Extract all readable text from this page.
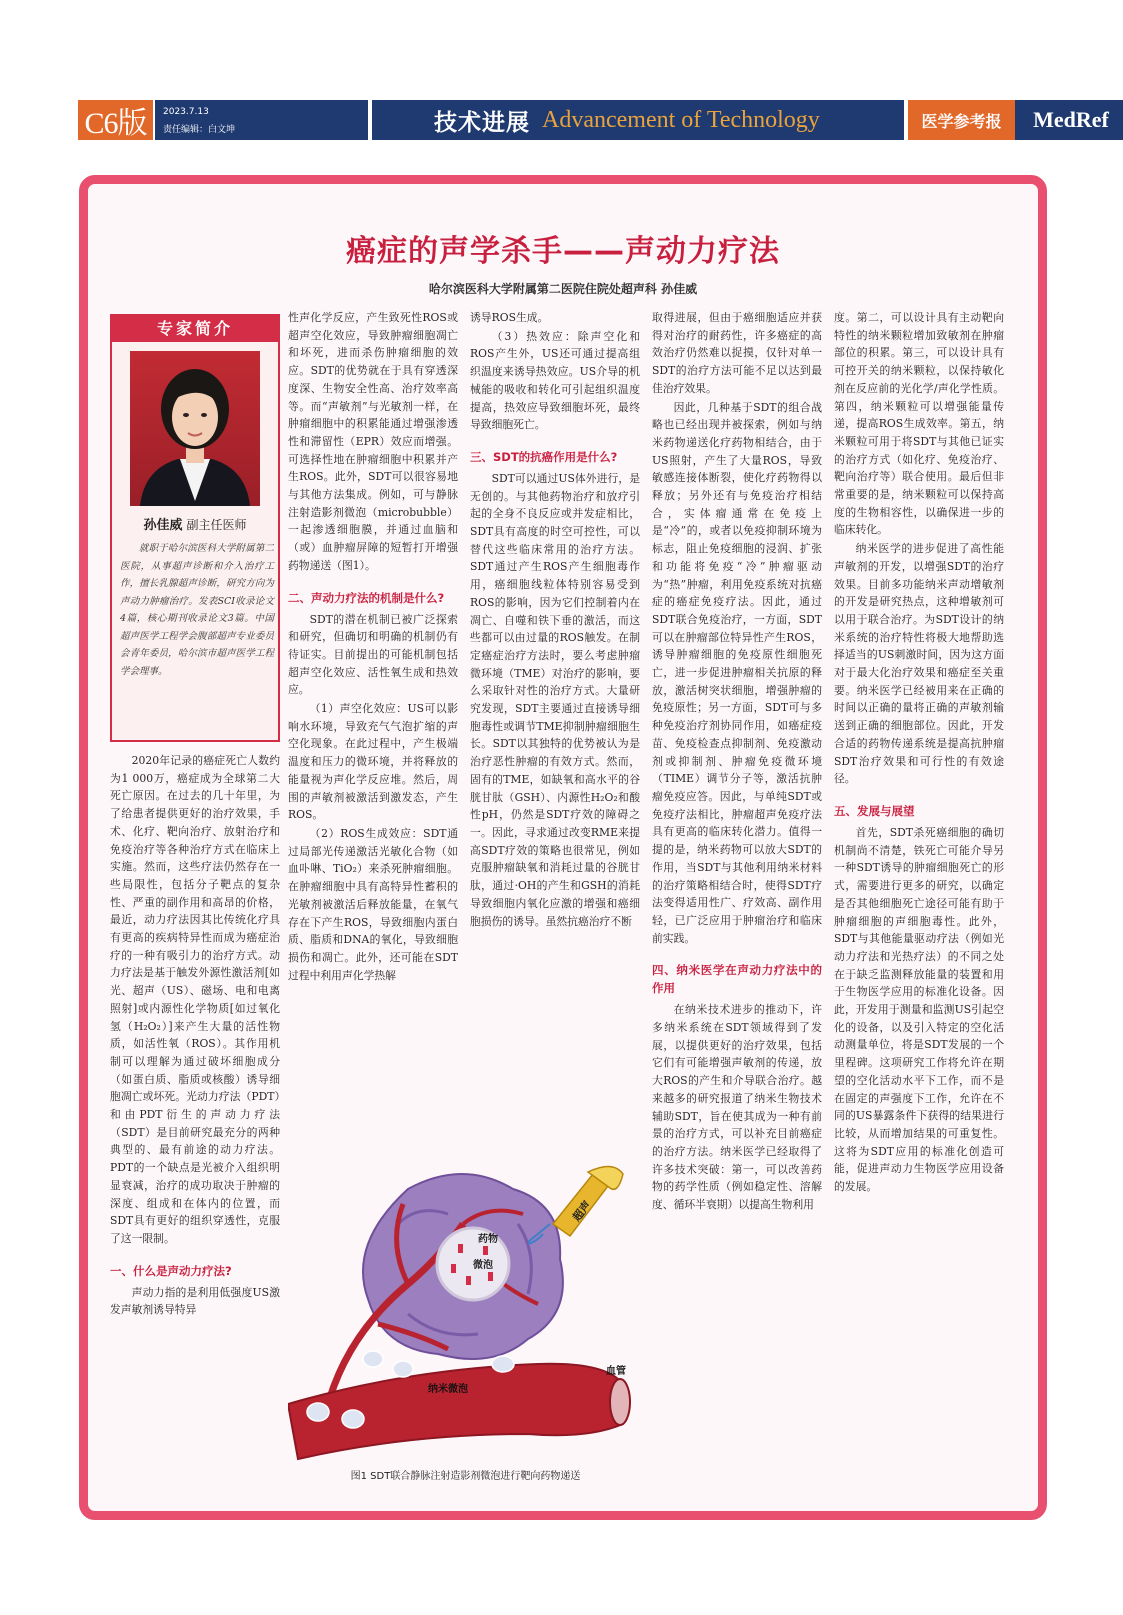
C6版	2023.7.13
责任编辑：白文坤	技术进展 Advancement of Technology	医学参考报	MedRef
癌症的声学杀手——声动力疗法
哈尔滨医科大学附属第二医院住院处超声科 孙佳威
专家简介
孙佳威 副主任医师
就职于哈尔滨医科大学附属第二医院，从事超声诊断和介入治疗工作，擅长乳腺超声诊断，研究方向为声动力肿瘤治疗。发表SCI收录论文4篇，核心期刊收录论文3篇。中国超声医学工程学会腹部超声专业委员会青年委员，哈尔滨市超声医学工程学会理事。

2020年记录的癌症死亡人数约为1 000万，癌症成为全球第二大死亡原因。在过去的几十年里，为了给患者提供更好的治疗效果，手术、化疗、靶向治疗、放射治疗和免疫治疗等各种治疗方式在临床上实施。然而，这些疗法仍然存在一些局限性，包括分子靶点的复杂性、严重的副作用和高昂的价格，最近，动力疗法因其比传统化疗具有更高的疾病特异性而成为癌症治疗的一种有吸引力的治疗方式。动力疗法是基于触发外源性激活剂[如光、超声（US）、磁场、电和电离照射]或内源性化学物质[如过氧化氢（H₂O₂）]来产生大量的活性物质，如活性氧（ROS）。其作用机制可以理解为通过破坏细胞成分（如蛋白质、脂质或核酸）诱导细胞凋亡或坏死。光动力疗法（PDT）和由PDT衍生的声动力疗法（SDT）是目前研究最充分的两种典型的、最有前途的动力疗法。PDT的一个缺点是光被介入组织明显衰减，治疗的成功取决于肿瘤的深度、组成和在体内的位置，而SDT具有更好的组织穿透性，克服了这一限制。

一、什么是声动力疗法?

声动力指的是利用低强度US激发声敏剂诱导特异

性声化学反应，产生致死性ROS或超声空化效应，导致肿瘤细胞凋亡和坏死，进而杀伤肿瘤细胞的效应。SDT的优势就在于具有穿透深度深、生物安全性高、治疗效率高等。而“声敏剂”与光敏剂一样，在肿瘤细胞中的积累能通过增强渗透性和滞留性（EPR）效应而增强。可选择性地在肿瘤细胞中积累并产生ROS。此外，SDT可以很容易地与其他方法集成。例如，可与静脉注射造影剂微泡（microbubble）一起渗透细胞膜，并通过血脑和（或）血肿瘤屏障的短暂打开增强药物递送（图1）。

二、声动力疗法的机制是什么?

SDT的潜在机制已被广泛探索和研究，但确切和明确的机制仍有待证实。目前提出的可能机制包括超声空化效应、活性氧生成和热效应。

（1）声空化效应：US可以影响水环境，导致充气气泡扩缩的声空化现象。在此过程中，产生极端温度和压力的微环境，并将释放的能量视为声化学反应堆。然后，周围的声敏剂被激活到激发态，产生ROS。

（2）ROS生成效应：SDT通过局部光传递激活光敏化合物（如血卟啉、TiO₂）来杀死肿瘤细胞。在肿瘤细胞中具有高特异性蓄积的光敏剂被激活后释放能量，在氧气存在下产生ROS，导致细胞内蛋白质、脂质和DNA的氧化，导致细胞损伤和凋亡。此外，还可能在SDT过程中利用声化学热解

诱导ROS生成。

（3）热效应：除声空化和ROS产生外，US还可通过提高组织温度来诱导热效应。US介导的机械能的吸收和转化可引起组织温度提高，热效应导致细胞坏死，最终导致细胞死亡。

三、SDT的抗癌作用是什么?

SDT可以通过US体外进行，是无创的。与其他药物治疗和放疗引起的全身不良反应或并发症相比，SDT具有高度的时空可控性，可以替代这些临床常用的治疗方法。SDT通过产生ROS产生细胞毒作用，癌细胞线粒体特别容易受到ROS的影响，因为它们控制着内在凋亡、自噬和铁下垂的激活，而这些都可以由过量的ROS触发。在制定癌症治疗方法时，要么考虑肿瘤微环境（TME）对治疗的影响，要么采取针对性的治疗方式。大量研究发现，SDT主要通过直接诱导细胞毒性或调节TME抑制肿瘤细胞生长。SDT以其独特的优势被认为是治疗恶性肿瘤的有效方式。然而，固有的TME，如缺氧和高水平的谷胱甘肽（GSH）、内源性H₂O₂和酸性pH，仍然是SDT疗效的障碍之一。因此，寻求通过改变RME来提高SDT疗效的策略也很常见，例如克服肿瘤缺氧和消耗过量的谷胱甘肽，通过·OH的产生和GSH的消耗导致细胞内氧化应激的增强和癌细胞损伤的诱导。虽然抗癌治疗不断

取得进展，但由于癌细胞适应并获得对治疗的耐药性，许多癌症的高效治疗仍然难以捉摸，仅针对单一SDT的治疗方法可能不足以达到最佳治疗效果。

因此，几种基于SDT的组合战略也已经出现并被探索，例如与纳米药物递送化疗药物相结合，由于US照射，产生了大量ROS，导致敏感连接体断裂，使化疗药物得以释放；另外还有与免疫治疗相结合，实体瘤通常在免疫上是“冷”的，或者以免疫抑制环境为标志，阻止免疫细胞的浸润、扩张和功能将免疫“冷”肿瘤驱动为“热”肿瘤，利用免疫系统对抗癌症的癌症免疫疗法。因此，通过SDT联合免疫治疗，一方面，SDT可以在肿瘤部位特异性产生ROS，诱导肿瘤细胞的免疫原性细胞死亡，进一步促进肿瘤相关抗原的释放，激活树突状细胞，增强肿瘤的免疫原性；另一方面，SDT可与多种免疫治疗剂协同作用，如癌症疫苗、免疫检查点抑制剂、免疫激动剂或抑制剂、肿瘤免疫微环境（TIME）调节分子等，激活抗肿瘤免疫应答。因此，与单纯SDT或免疫疗法相比，肿瘤超声免疫疗法具有更高的临床转化潜力。值得一提的是，纳米药物可以放大SDT的作用，当SDT与其他利用纳米材料的治疗策略相结合时，使得SDT疗法变得适用性广、疗效高、副作用轻，已广泛应用于肿瘤治疗和临床前实践。

四、纳米医学在声动力疗法中的作用

在纳米技术进步的推动下，许多纳米系统在SDT领域得到了发展，以提供更好的治疗效果，包括它们有可能增强声敏剂的传递，放大ROS的产生和介导联合治疗。越来越多的研究报道了纳米生物技术辅助SDT，旨在使其成为一种有前景的治疗方式，可以补充目前癌症的治疗方法。纳米医学已经取得了许多技术突破：第一，可以改善药物的药学性质（例如稳定性、溶解度、循环半衰期）以提高生物利用

度。第二，可以设计具有主动靶向特性的纳米颗粒增加致敏剂在肿瘤部位的积累。第三，可以设计具有可控开关的纳米颗粒，以保持敏化剂在反应前的光化学/声化学性质。第四，纳米颗粒可以增强能量传递，提高ROS生成效率。第五，纳米颗粒可用于将SDT与其他已证实的治疗方式（如化疗、免疫治疗、靶向治疗等）联合使用。最后但非常重要的是，纳米颗粒可以保持高度的生物相容性，以确保进一步的临床转化。

纳米医学的进步促进了高性能声敏剂的开发，以增强SDT的治疗效果。目前多功能纳米声动增敏剂的开发是研究热点，这种增敏剂可以用于联合治疗。为SDT设计的纳米系统的治疗特性将极大地帮助选择适当的US刺激时间，因为这方面对于最大化治疗效果和癌症至关重要。纳米医学已经被用来在正确的时间以正确的量将正确的声敏剂输送到正确的细胞部位。因此，开发合适的药物传递系统是提高抗肿瘤SDT治疗效果和可行性的有效途径。

五、发展与展望

首先，SDT杀死癌细胞的确切机制尚不清楚，铁死亡可能介导另一种SDT诱导的肿瘤细胞死亡的形式，需要进行更多的研究，以确定是否其他细胞死亡途径可能有助于肿瘤细胞的声细胞毒性。此外，SDT与其他能量驱动疗法（例如光动力疗法和光热疗法）的不同之处在于缺乏监测释放能量的装置和用于生物医学应用的标准化设备。因此，开发用于测量和监测US引起空化的设备，以及引入特定的空化活动测量单位，将是SDT发展的一个里程碑。这项研究工作将允许在期望的空化活动水平下工作，而不是在固定的声强度下工作，允许在不同的US暴露条件下获得的结果进行比较，从而增加结果的可重复性。这将为SDT应用的标准化创造可能，促进声动力生物医学应用设备的发展。

药物
微泡
超声
纳米微泡
血管
图1 SDT联合静脉注射造影剂微泡进行靶向药物递送
